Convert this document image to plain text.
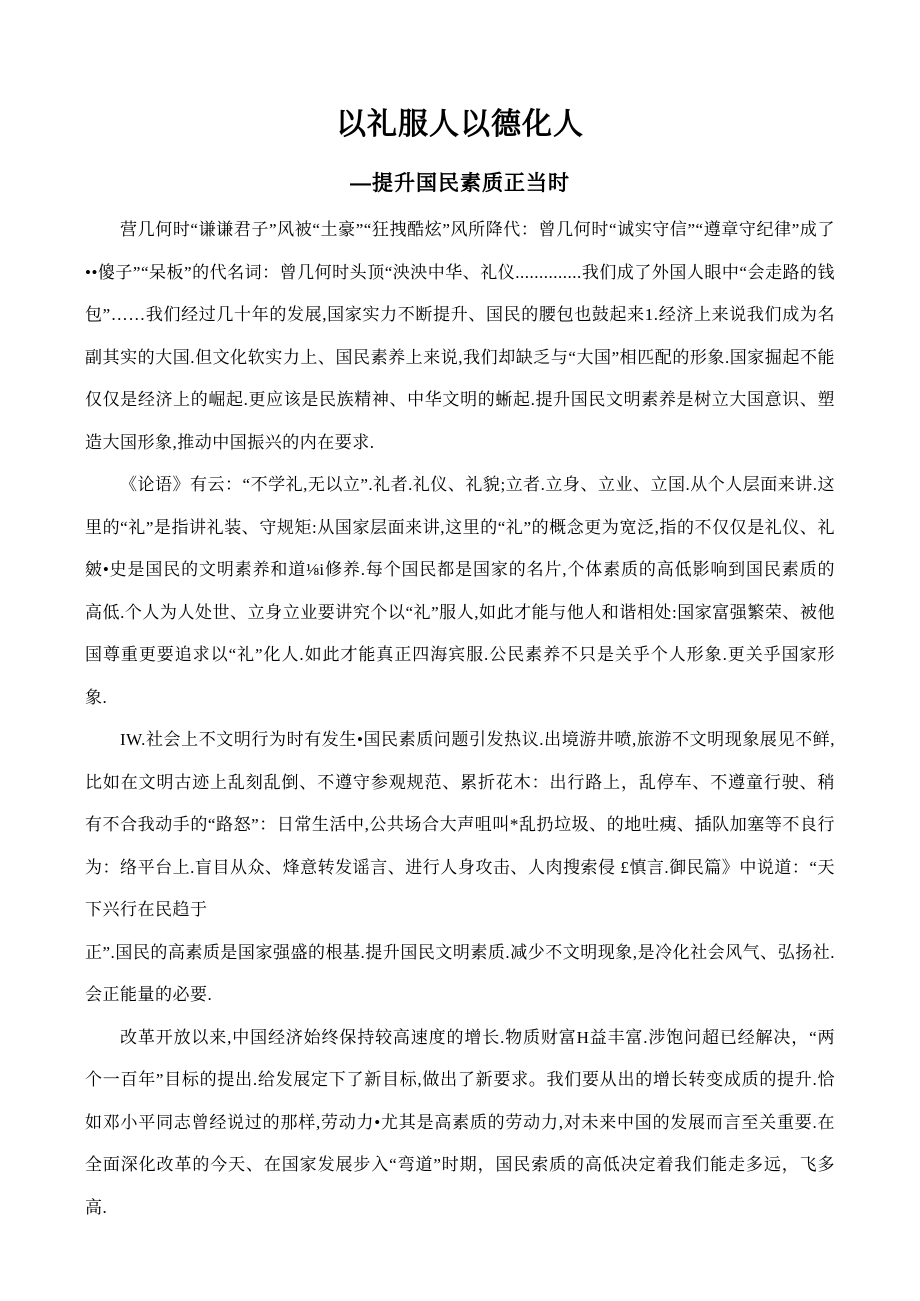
以礼服人以德化人
—提升国民素质正当时

营几何时“谦谦君子”风被“土豪”“狂拽酷炫”风所降代：曾几何时“诚实守信”“遵章守纪律”成了••傻子”“呆板”的代名词：曾几何时头顶“泱泱中华、礼仪..............我们成了外国人眼中“会走路的钱包”……我们经过几十年的发展,国家实力不断提升、国民的腰包也鼓起来1.经济上来说我们成为名副其实的大国.但文化软实力上、国民素养上来说,我们却缺乏与“大国”相匹配的形象.国家掘起不能仅仅是经济上的崛起.更应该是民族精神、中华文明的蜥起.提升国民文明素养是树立大国意识、塑造大国形象,推动中国振兴的内在要求.

《论语》有云：“不学礼,无以立”.礼者.礼仪、礼貌;立者.立身、立业、立国.从个人层面来讲.这里的“礼”是指讲礼装、守规矩:从国家层面来讲,这里的“礼”的概念更为宽泛,指的不仅仅是礼仪、礼皴•史是国民的文明素养和道⅛i修养.每个国民都是国家的名片,个体素质的高低影响到国民素质的高低.个人为人处世、立身立业要讲究个以“礼”服人,如此才能与他人和谐相处:国家富强繁荣、被他国尊重更要追求以“礼”化人.如此才能真正四海宾服.公民素养不只是关乎个人形象.更关乎国家形象.

IW.社会上不文明行为时有发生•国民素质问题引发热议.出境游井喷,旅游不文明现象展见不鲜,比如在文明古迹上乱刻乱倒、不遵守参观规范、累折花木：出行路上，乱停车、不遵童行驶、稍有不合我动手的“路怒”：日常生活中,公共场合大声咀叫*乱扔垃圾、的地吐痍、插队加塞等不良行为：络平台上.盲目从众、烽意转发谣言、进行人身攻击、人肉搜索侵 £慎言.御民篇》中说道：“天下兴行在民趋于

正”.国民的高素质是国家强盛的根基.提升国民文明素质.减少不文明现象,是冷化社会风气、弘扬社.会正能量的必要.

改革开放以来,中国经济始终保持较高速度的增长.物质财富H益丰富.涉饱问超已经解决，“两个一百年”目标的提出.给发展定下了新目标,做出了新要求。我们要从出的增长转变成质的提升.恰如邓小平同志曾经说过的那样,劳动力•尤其是高素质的劳动力,对未来中国的发展而言至关重要.在全面深化改革的今天、在国家发展步入“弯道”时期，国民索质的高低决定着我们能走多远，飞多高.
